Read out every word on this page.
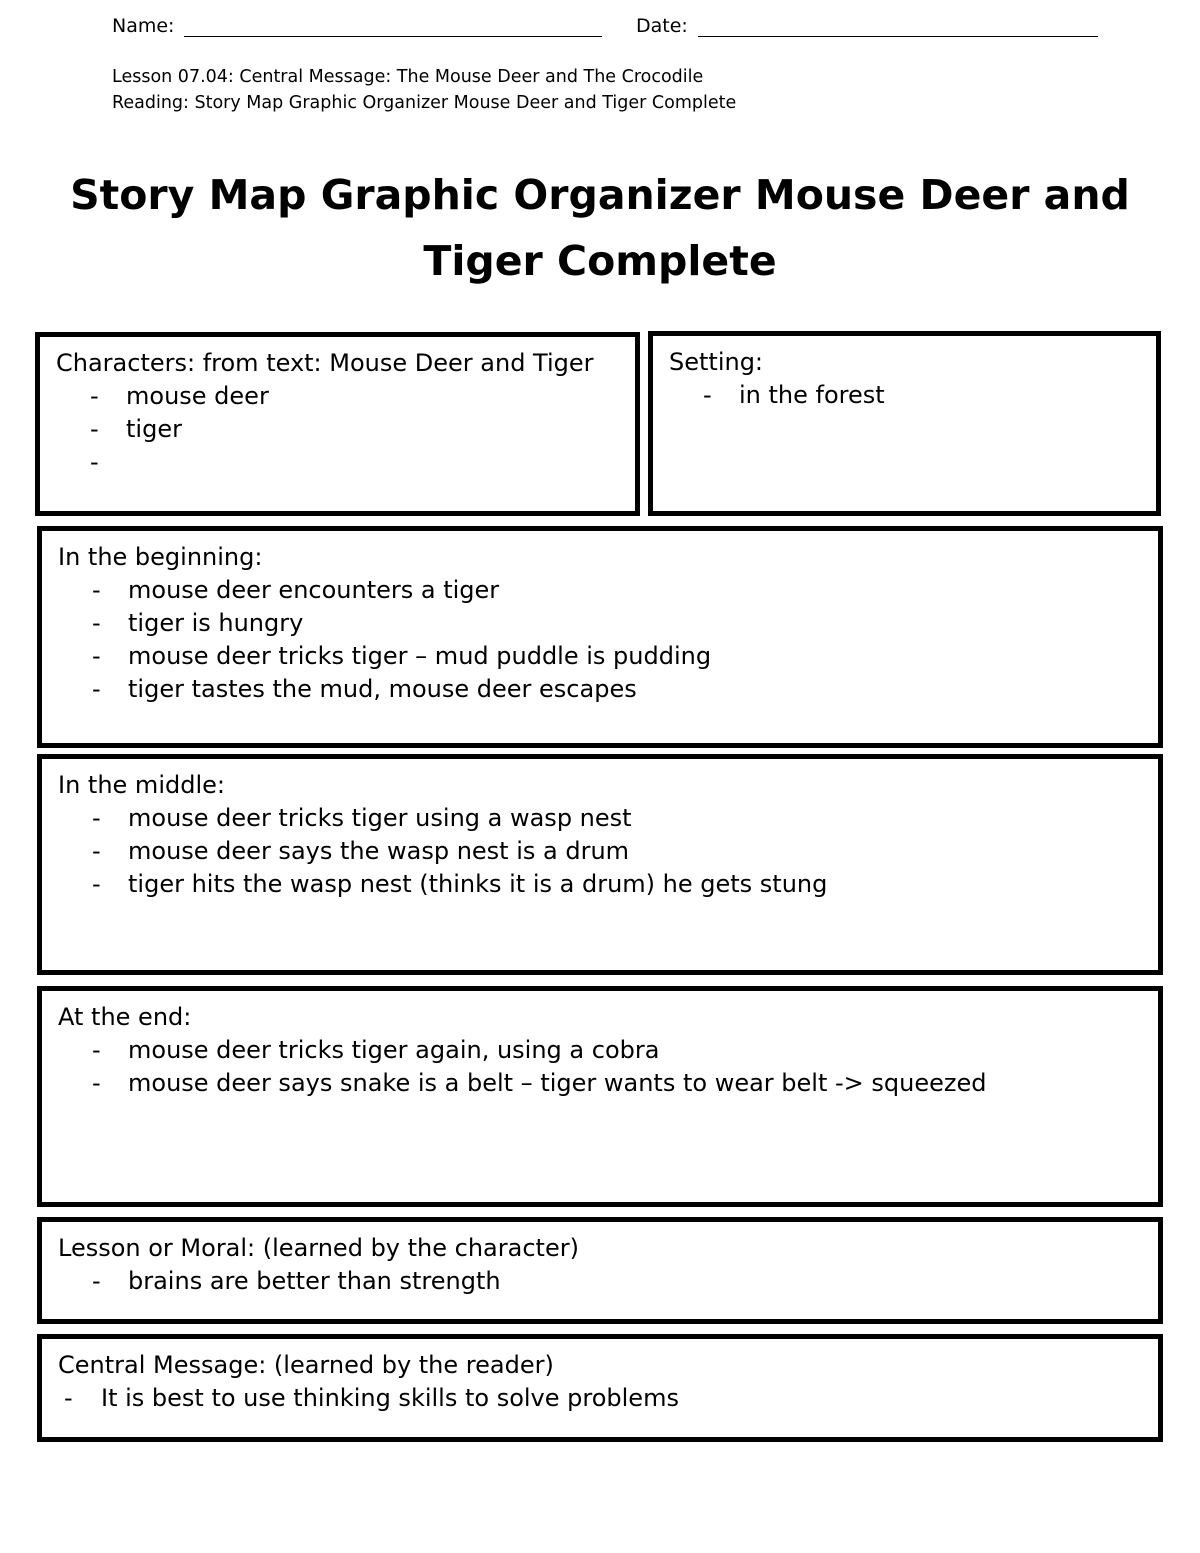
Name:	Date:
Lesson 07.04: Central Message: The Mouse Deer and The Crocodile
Reading: Story Map Graphic Organizer Mouse Deer and Tiger Complete
Story Map Graphic Organizer Mouse Deer and
Tiger Complete

Characters: from text: Mouse Deer and Tiger

- mouse deer
- tiger
-

Setting:

- in the forest

In the beginning:

- mouse deer encounters a tiger
- tiger is hungry
- mouse deer tricks tiger – mud puddle is pudding
- tiger tastes the mud, mouse deer escapes

In the middle:

- mouse deer tricks tiger using a wasp nest
- mouse deer says the wasp nest is a drum
- tiger hits the wasp nest (thinks it is a drum) he gets stung

At the end:

- mouse deer tricks tiger again, using a cobra
- mouse deer says snake is a belt – tiger wants to wear belt -> squeezed

Lesson or Moral: (learned by the character)

- brains are better than strength

Central Message: (learned by the reader)

- It is best to use thinking skills to solve problems
